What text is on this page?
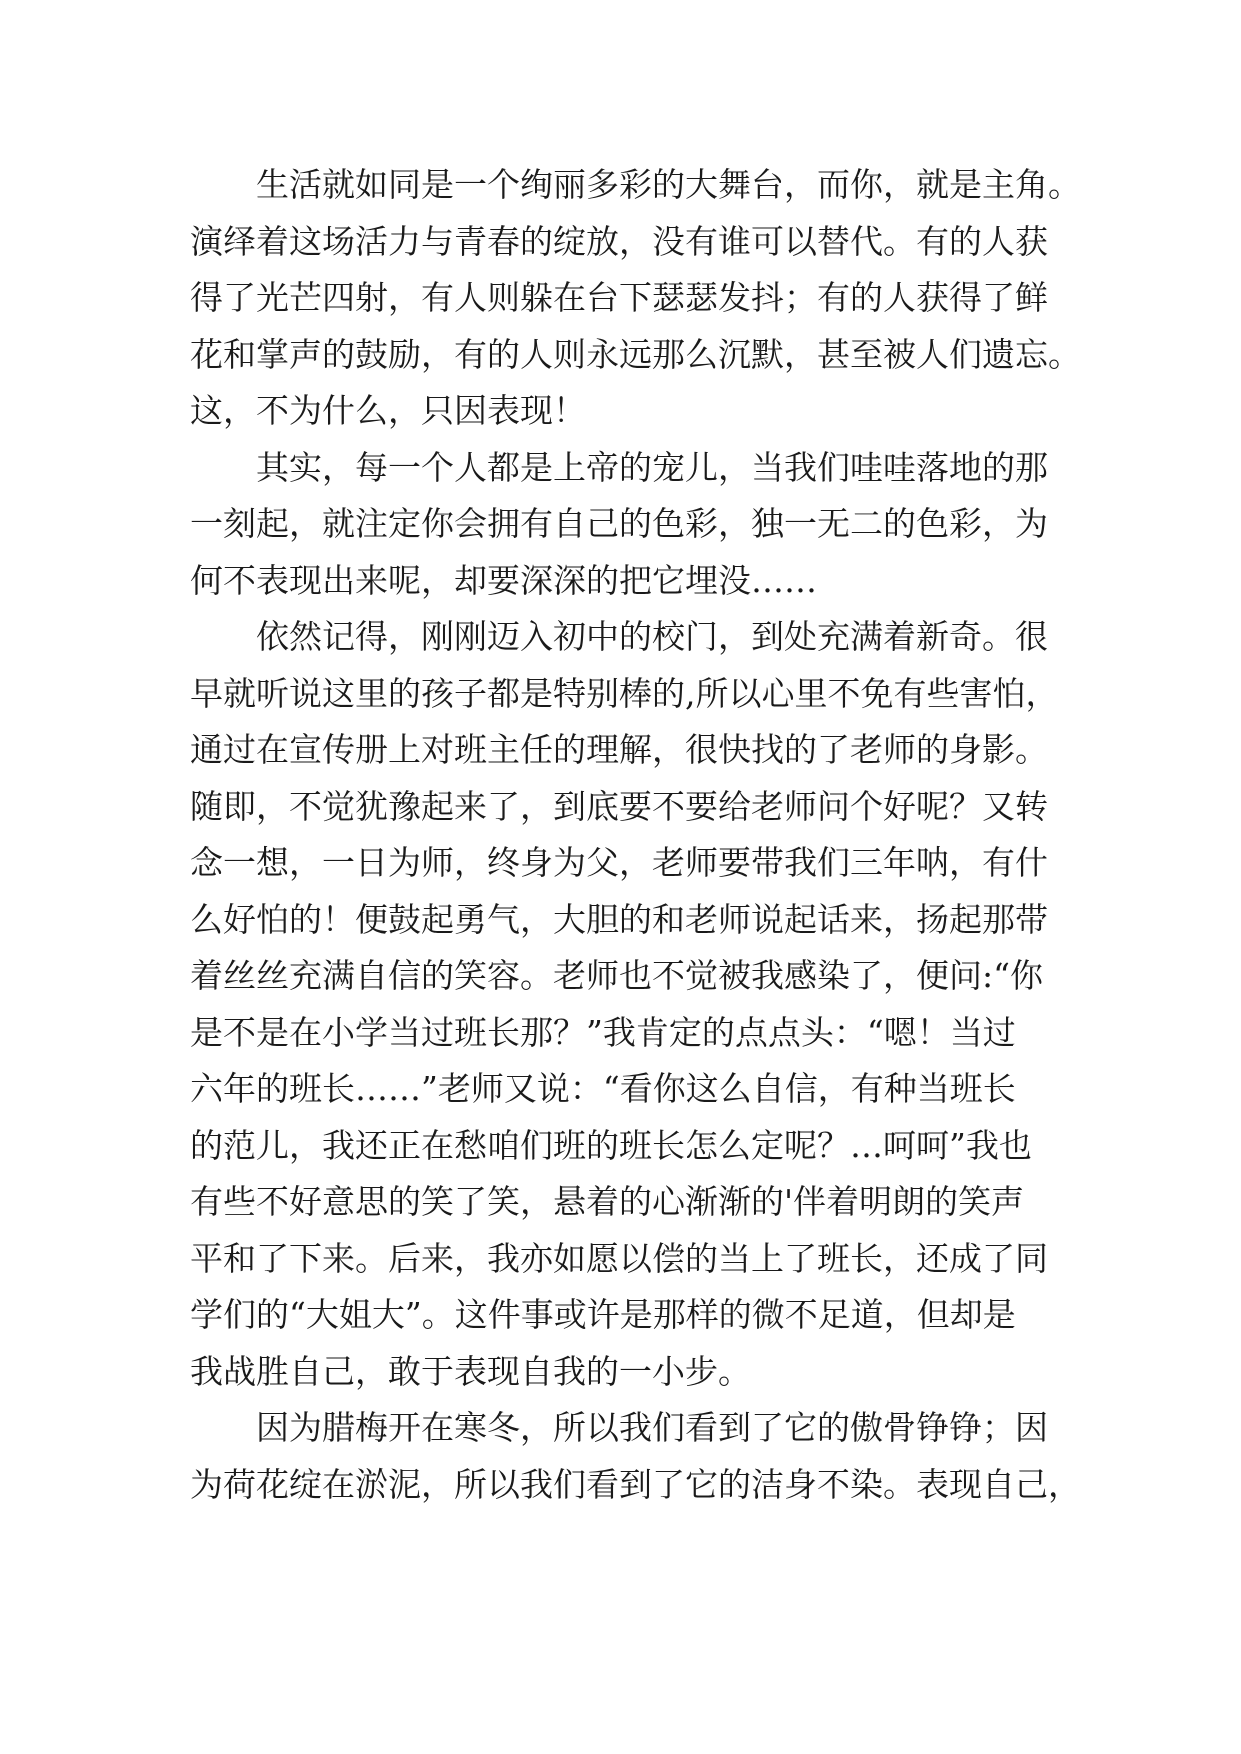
生活就如同是一个绚丽多彩的大舞台，而你，就是主角。
演绎着这场活力与青春的绽放，没有谁可以替代。有的人获
得了光芒四射，有人则躲在台下瑟瑟发抖；有的人获得了鲜
花和掌声的鼓励，有的人则永远那么沉默，甚至被人们遗忘。
这，不为什么，只因表现！
其实，每一个人都是上帝的宠儿，当我们哇哇落地的那
一刻起，就注定你会拥有自己的色彩，独一无二的色彩，为
何不表现出来呢，却要深深的把它埋没……
依然记得，刚刚迈入初中的校门，到处充满着新奇。很
早就听说这里的孩子都是特别棒的,所以心里不免有些害怕，
通过在宣传册上对班主任的理解，很快找的了老师的身影。
随即，不觉犹豫起来了，到底要不要给老师问个好呢？又转
念一想，一日为师，终身为父，老师要带我们三年呐，有什
么好怕的！便鼓起勇气，大胆的和老师说起话来，扬起那带
着丝丝充满自信的笑容。老师也不觉被我感染了，便问:“你
是不是在小学当过班长那？”我肯定的点点头：“嗯！当过
六年的班长……”老师又说：“看你这么自信，有种当班长
的范儿，我还正在愁咱们班的班长怎么定呢？…呵呵”我也
有些不好意思的笑了笑，悬着的心渐渐的'伴着明朗的笑声
平和了下来。后来，我亦如愿以偿的当上了班长，还成了同
学们的“大姐大”。这件事或许是那样的微不足道，但却是
我战胜自己，敢于表现自我的一小步。
因为腊梅开在寒冬，所以我们看到了它的傲骨铮铮；因
为荷花绽在淤泥，所以我们看到了它的洁身不染。表现自己，
